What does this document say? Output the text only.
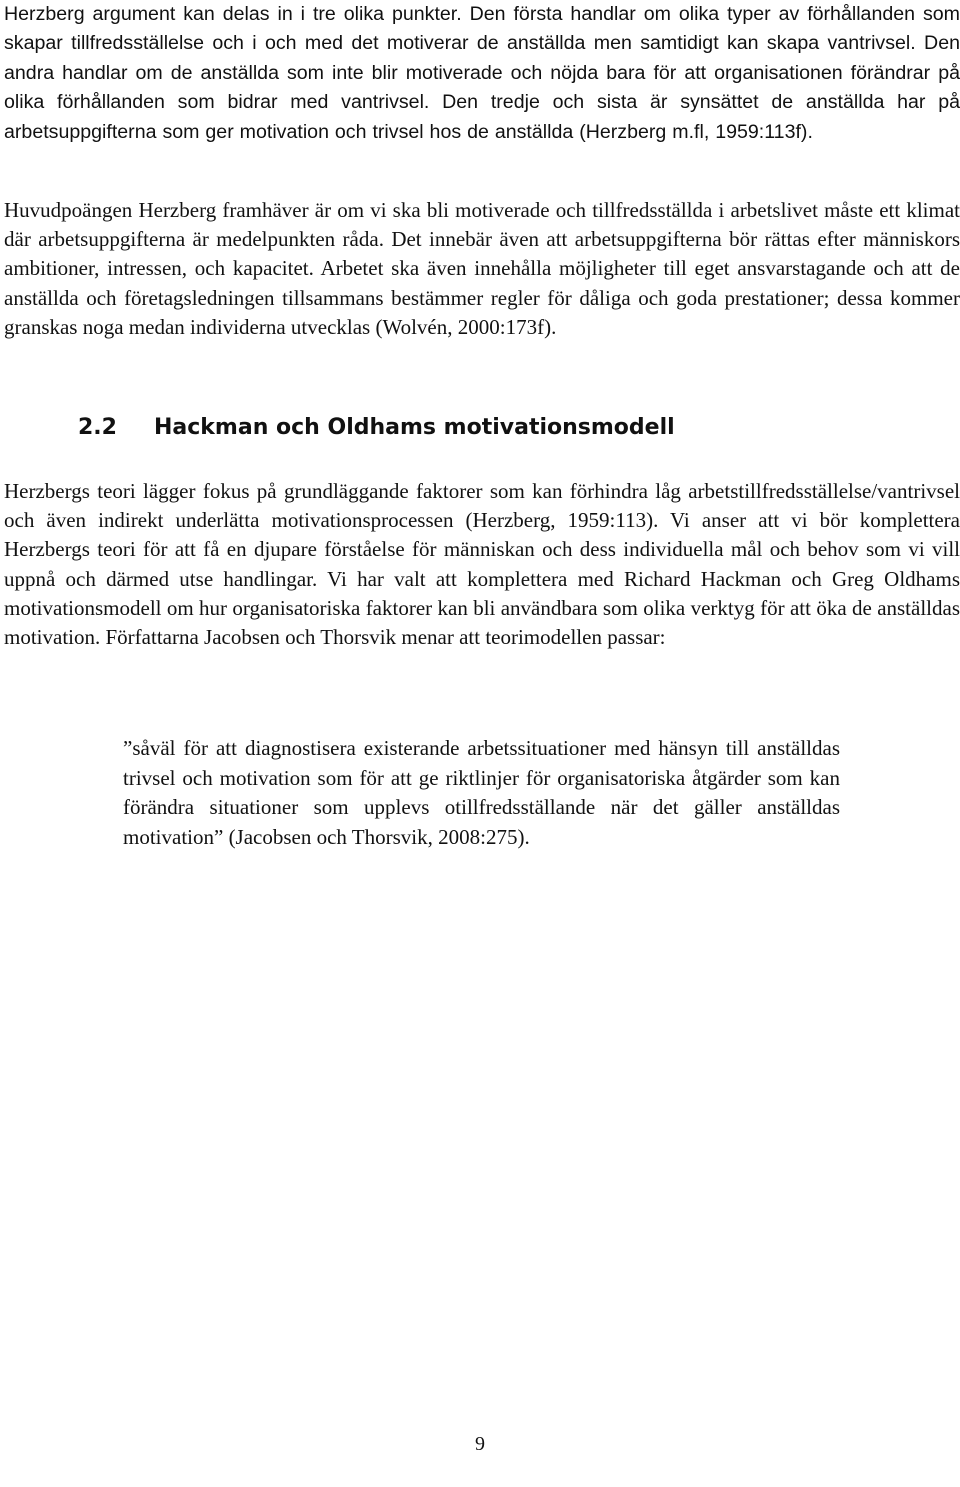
Herzberg argument kan delas in i tre olika punkter. Den första handlar om olika typer av förhållanden som skapar tillfredsställelse och i och med det motiverar de anställda men samtidigt kan skapa vantrivsel. Den andra handlar om de anställda som inte blir motiverade och nöjda bara för att organisationen förändrar på olika förhållanden som bidrar med vantrivsel. Den tredje och sista är synsättet de anställda har på arbetsuppgifterna som ger motivation och trivsel hos de anställda (Herzberg m.fl, 1959:113f).

Huvudpoängen Herzberg framhäver är om vi ska bli motiverade och tillfredsställda i arbetslivet måste ett klimat där arbetsuppgifterna är medelpunkten råda. Det innebär även att arbetsuppgifterna bör rättas efter människors ambitioner, intressen, och kapacitet. Arbetet ska även innehålla möjligheter till eget ansvarstagande och att de anställda och företagsledningen tillsammans bestämmer regler för dåliga och goda prestationer; dessa kommer granskas noga medan individerna utvecklas (Wolvén, 2000:173f).

2.2 Hackman och Oldhams motivationsmodell

Herzbergs teori lägger fokus på grundläggande faktorer som kan förhindra låg arbetstillfredsställelse/vantrivsel och även indirekt underlätta motivationsprocessen (Herzberg, 1959:113). Vi anser att vi bör komplettera Herzbergs teori för att få en djupare förståelse för människan och dess individuella mål och behov som vi vill uppnå och därmed utse handlingar. Vi har valt att komplettera med Richard Hackman och Greg Oldhams motivationsmodell om hur organisatoriska faktorer kan bli användbara som olika verktyg för att öka de anställdas motivation. Författarna Jacobsen och Thorsvik menar att teorimodellen passar:

”såväl för att diagnostisera existerande arbetssituationer med hänsyn till anställdas trivsel och motivation som för att ge riktlinjer för organisatoriska åtgärder som kan förändra situationer som upplevs otillfredsställande när det gäller anställdas motivation” (Jacobsen och Thorsvik, 2008:275).
9
